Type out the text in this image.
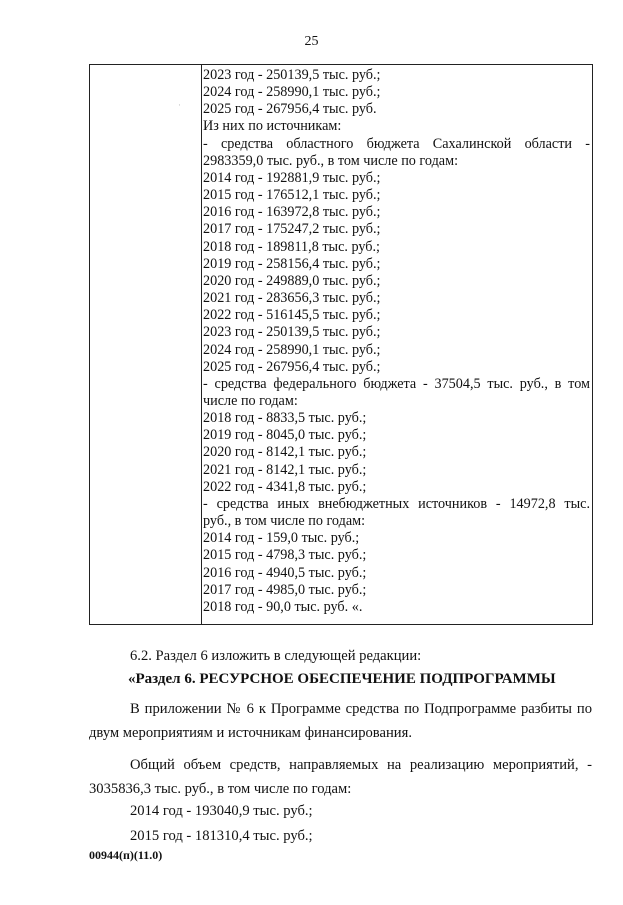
25
2023 год - 250139,5 тыс. руб.;
2024 год - 258990,1 тыс. руб.;
2025 год - 267956,4 тыс. руб.
Из них по источникам:
- средства областного бюджета Сахалинской области -
2983359,0 тыс. руб., в том числе по годам:
2014 год - 192881,9 тыс. руб.;
2015 год - 176512,1 тыс. руб.;
2016 год - 163972,8 тыс. руб.;
2017 год - 175247,2 тыс. руб.;
2018 год - 189811,8 тыс. руб.;
2019 год - 258156,4 тыс. руб.;
2020 год - 249889,0 тыс. руб.;
2021 год - 283656,3 тыс. руб.;
2022 год - 516145,5 тыс. руб.;
2023 год - 250139,5 тыс. руб.;
2024 год - 258990,1 тыс. руб.;
2025 год - 267956,4 тыс. руб.;
- средства федерального бюджета - 37504,5 тыс. руб., в том
числе по годам:
2018 год - 8833,5 тыс. руб.;
2019 год - 8045,0 тыс. руб.;
2020 год - 8142,1 тыс. руб.;
2021 год - 8142,1 тыс. руб.;
2022 год - 4341,8 тыс. руб.;
- средства иных внебюджетных источников - 14972,8 тыс.
руб., в том числе по годам:
2014 год - 159,0 тыс. руб.;
2015 год - 4798,3 тыс. руб.;
2016 год - 4940,5 тыс. руб.;
2017 год - 4985,0 тыс. руб.;
2018 год - 90,0 тыс. руб. «.
·
6.2. Раздел 6 изложить в следующей редакции:
«Раздел 6. РЕСУРСНОЕ ОБЕСПЕЧЕНИЕ ПОДПРОГРАММЫ
В приложении № 6 к Программе средства по Подпрограмме разбиты по двум мероприятиям и источникам финансирования.
Общий объем средств, направляемых на реализацию мероприятий, - 3035836,3 тыс. руб., в том числе по годам:
2014 год - 193040,9 тыс. руб.;
2015 год - 181310,4 тыс. руб.;
00944(п)(11.0)
